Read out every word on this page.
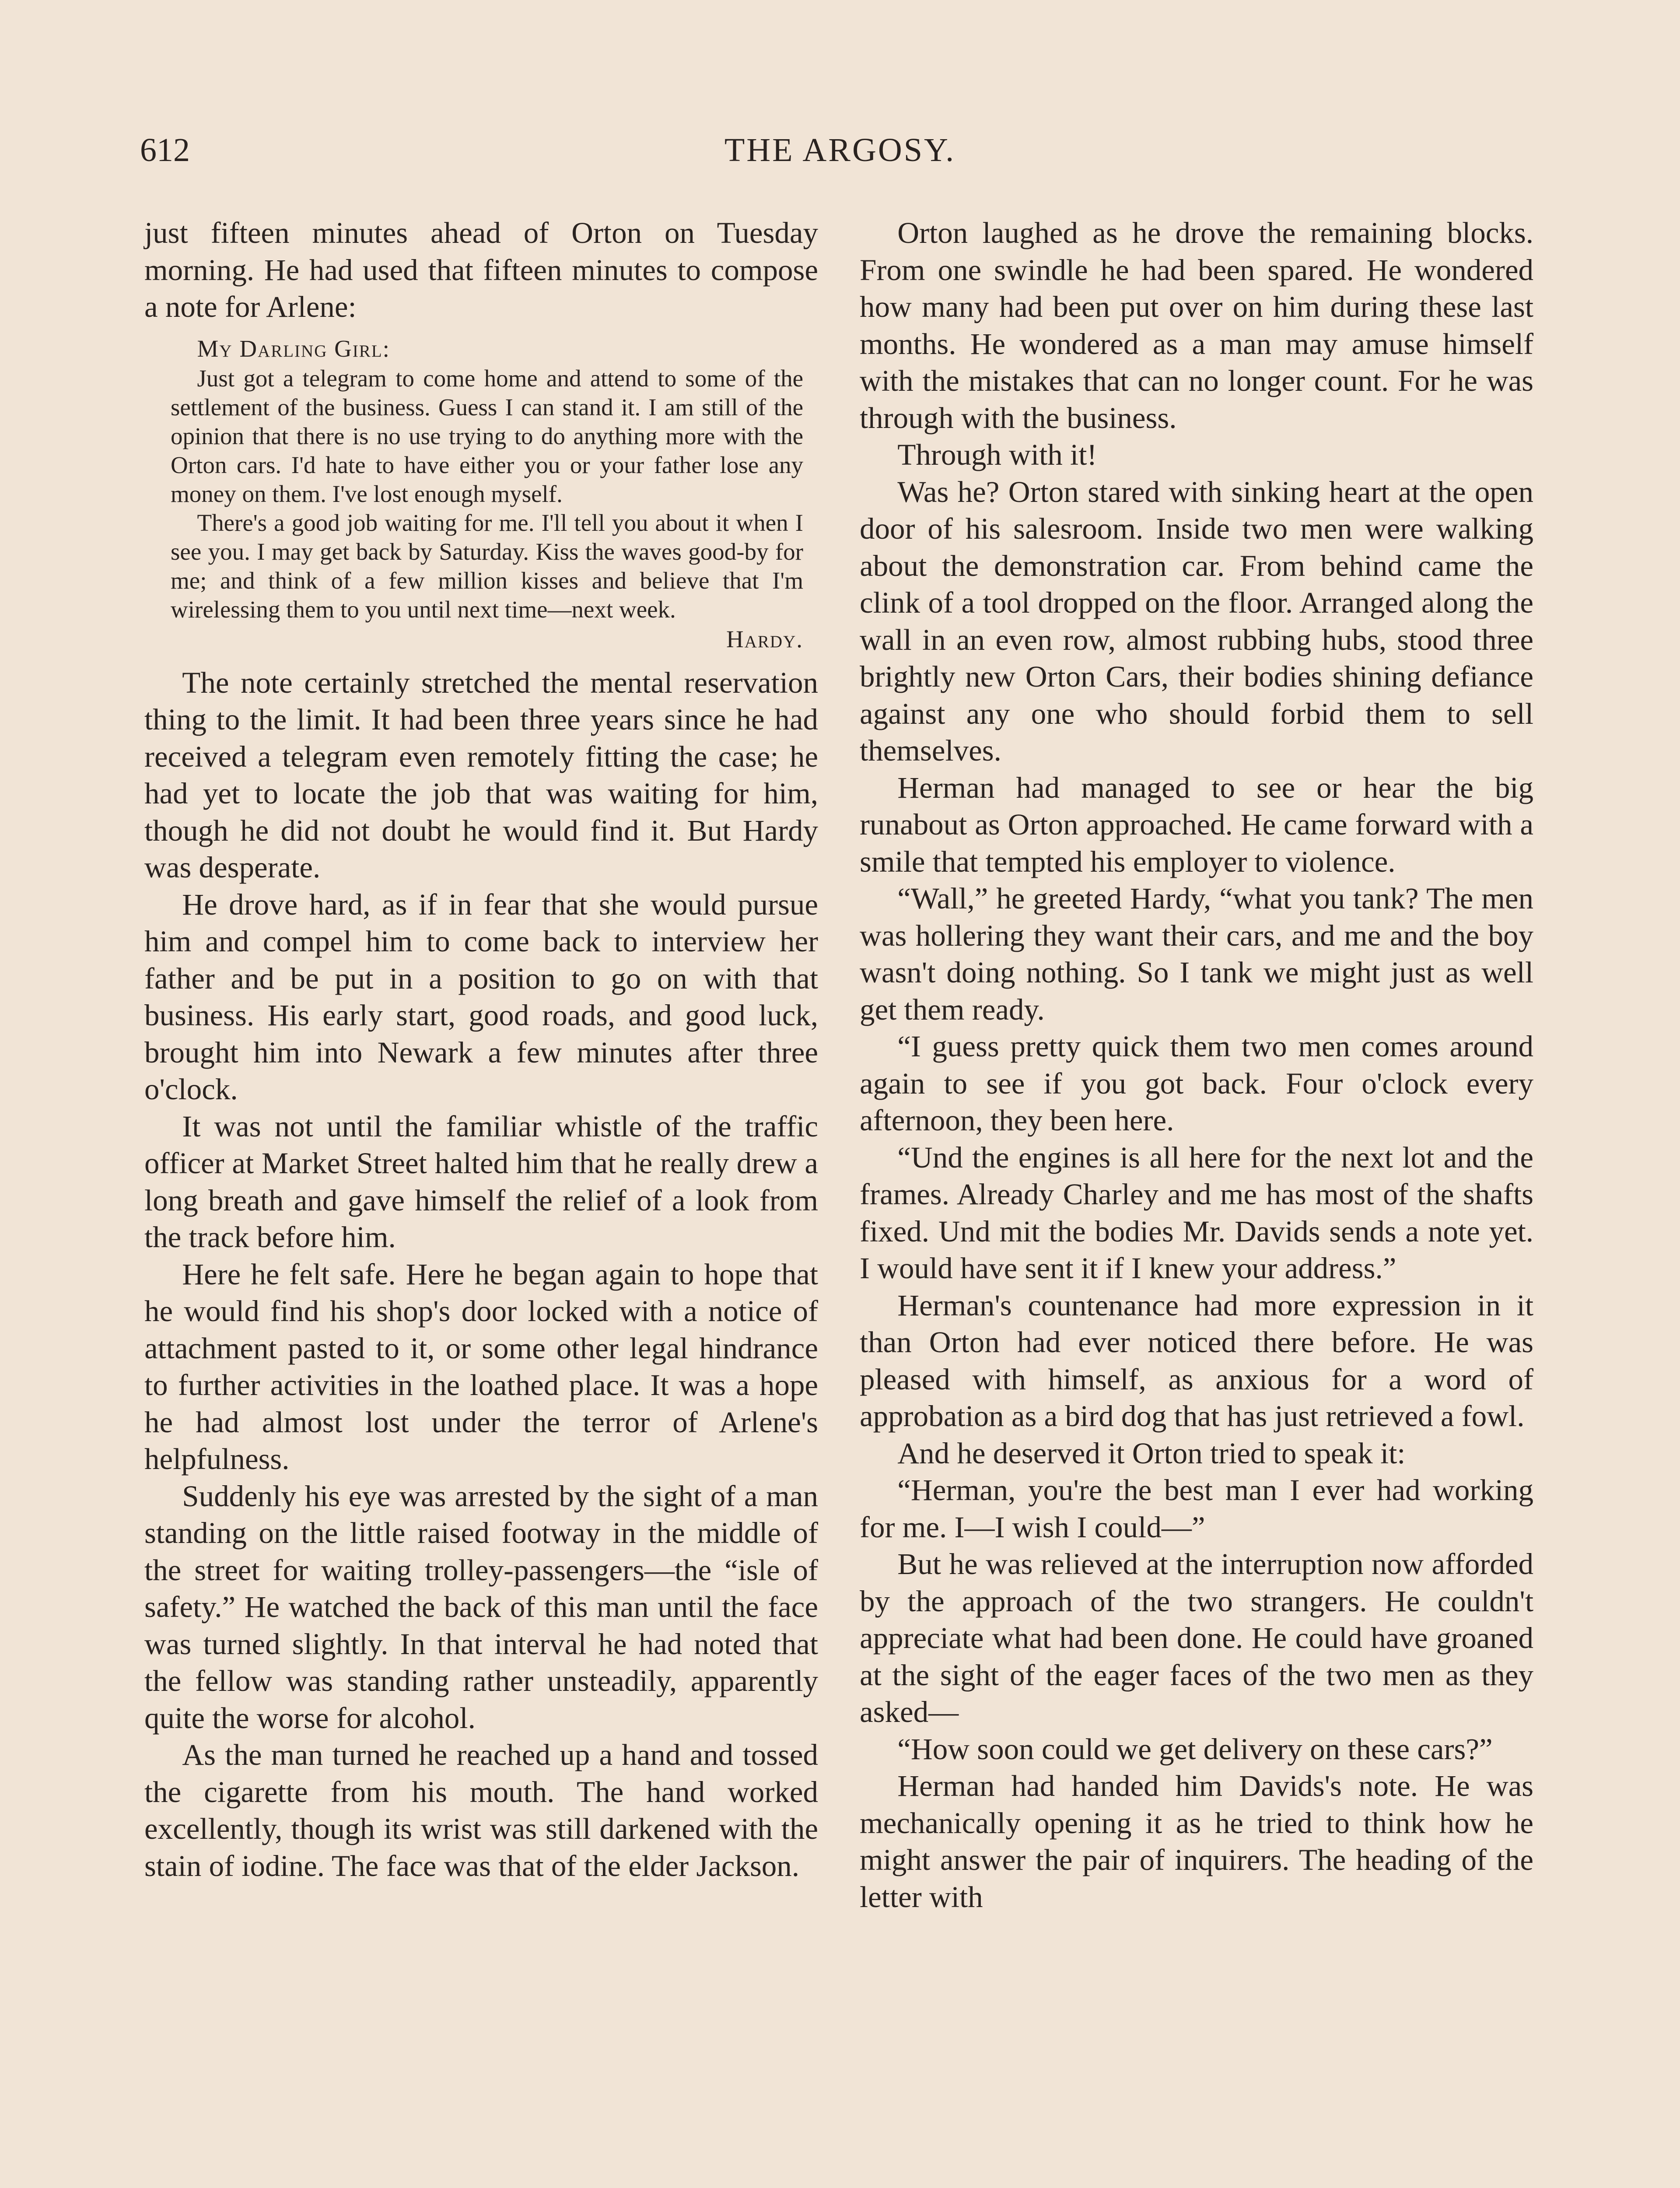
612	THE ARGOSY.

just fifteen minutes ahead of Orton on Tuesday morning. He had used that fifteen minutes to compose a note for Arlene:

My Darling Girl:

Just got a telegram to come home and attend to some of the settlement of the business. Guess I can stand it. I am still of the opinion that there is no use trying to do anything more with the Orton cars. I'd hate to have either you or your father lose any money on them. I've lost enough myself.

There's a good job waiting for me. I'll tell you about it when I see you. I may get back by Saturday. Kiss the waves good-by for me; and think of a few million kisses and believe that I'm wirelessing them to you until next time—next week.

Hardy.

The note certainly stretched the mental reservation thing to the limit. It had been three years since he had received a telegram even remotely fitting the case; he had yet to locate the job that was waiting for him, though he did not doubt he would find it. But Hardy was desperate.

He drove hard, as if in fear that she would pursue him and compel him to come back to interview her father and be put in a position to go on with that business. His early start, good roads, and good luck, brought him into Newark a few minutes after three o'clock.

It was not until the familiar whistle of the traffic officer at Market Street halted him that he really drew a long breath and gave himself the relief of a look from the track before him.

Here he felt safe. Here he began again to hope that he would find his shop's door locked with a notice of attachment pasted to it, or some other legal hindrance to further activities in the loathed place. It was a hope he had almost lost under the terror of Arlene's helpfulness.

Suddenly his eye was arrested by the sight of a man standing on the little raised footway in the middle of the street for waiting trolley-passengers—the “isle of safety.” He watched the back of this man until the face was turned slightly. In that interval he had noted that the fellow was standing rather unsteadily, apparently quite the worse for alcohol.

As the man turned he reached up a hand and tossed the cigarette from his mouth. The hand worked excellently, though its wrist was still darkened with the stain of iodine. The face was that of the elder Jackson.

Orton laughed as he drove the remaining blocks. From one swindle he had been spared. He wondered how many had been put over on him during these last months. He wondered as a man may amuse himself with the mistakes that can no longer count. For he was through with the business.

Through with it!

Was he? Orton stared with sinking heart at the open door of his salesroom. Inside two men were walking about the demonstration car. From behind came the clink of a tool dropped on the floor. Arranged along the wall in an even row, almost rubbing hubs, stood three brightly new Orton Cars, their bodies shining defiance against any one who should forbid them to sell themselves.

Herman had managed to see or hear the big runabout as Orton approached. He came forward with a smile that tempted his employer to violence.

“Wall,” he greeted Hardy, “what you tank? The men was hollering they want their cars, and me and the boy wasn't doing nothing. So I tank we might just as well get them ready.

“I guess pretty quick them two men comes around again to see if you got back. Four o'clock every afternoon, they been here.

“Und the engines is all here for the next lot and the frames. Already Charley and me has most of the shafts fixed. Und mit the bodies Mr. Davids sends a note yet. I would have sent it if I knew your address.”

Herman's countenance had more expression in it than Orton had ever noticed there before. He was pleased with himself, as anxious for a word of approbation as a bird dog that has just retrieved a fowl.

And he deserved it Orton tried to speak it:

“Herman, you're the best man I ever had working for me. I—I wish I could—”

But he was relieved at the interruption now afforded by the approach of the two strangers. He couldn't appreciate what had been done. He could have groaned at the sight of the eager faces of the two men as they asked—

“How soon could we get delivery on these cars?”

Herman had handed him Davids's note. He was mechanically opening it as he tried to think how he might answer the pair of inquirers. The heading of the letter with
